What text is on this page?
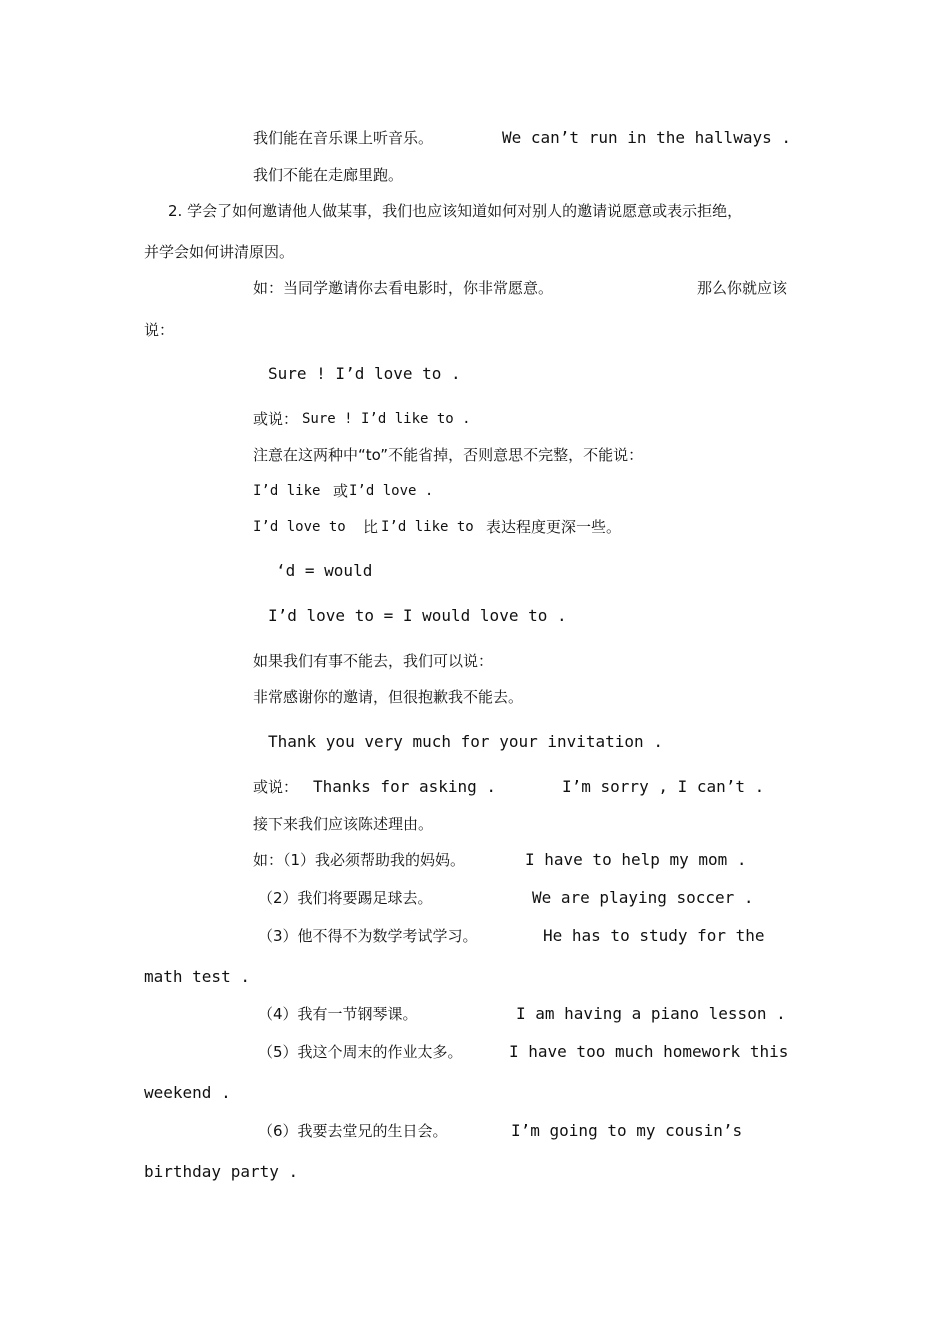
我们能在音乐课上听音乐。	We can’t run in the hallways .
我们不能在走廊里跑。
2. 学会了如何邀请他人做某事，我们也应该知道如何对别人的邀请说愿意或表示拒绝，
并学会如何讲清原因。
如：当同学邀请你去看电影时，你非常愿意。	那么你就应该
说：
Sure ! I’d love to .
或说： Sure ! I’d like to .
注意在这两种中“to”不能省掉，否则意思不完整，不能说：
I’d like 或 I’d love .
I’d love to 比 I’d like to 表达程度更深一些。
‘d = would
I’d love to = I would love to .
如果我们有事不能去，我们可以说：
非常感谢你的邀请，但很抱歉我不能去。
Thank you very much for your invitation .
或说： Thanks for asking .	I’m sorry , I can’t .
接下来我们应该陈述理由。
如：（1）我必须帮助我的妈妈。	I have to help my mom .
（2）我们将要踢足球去。	We are playing soccer .
（3）他不得不为数学考试学习。	He has to study for the
math test .
（4）我有一节钢琴课。	I am having a piano lesson .
（5）我这个周末的作业太多。	I have too much homework this
weekend .
（6）我要去堂兄的生日会。	I’m going to my cousin’s
birthday party .
